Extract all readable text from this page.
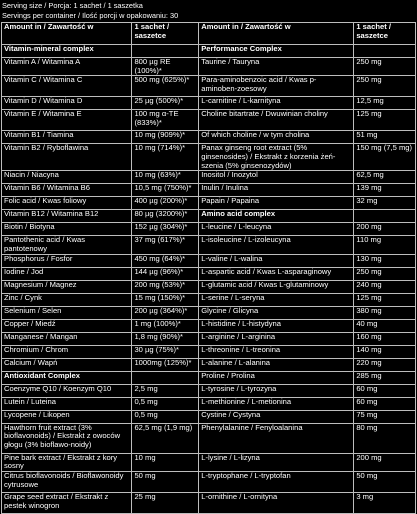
Serving size / Porcja: 1 sachet / 1 saszetka
Servings per container / Ilość porcji w opakowaniu: 30
Amount in / Zawartość w	1 sachet / saszetce	Amount in / Zawartość w	1 sachet / saszetce
Vitamin-mineral complex		Performance Complex	
Vitamin A / Witamina A	800 µg RE (100%)*	Taurine / Tauryna	250 mg
Vitamin C / Witamina C	500 mg (625%)*	Para-aminobenzoic acid / Kwas p-aminoben-zoesowy	250 mg
Vitamin D / Witamina D	25 µg (500%)*	L-carnitine / L-karnityna	12,5 mg
Vitamin E / Witamina E	100 mg α-TE (833%)*	Choline bitartrate / Dwuwinian choliny	125 mg
Vitamin B1 / Tiamina	10 mg (909%)*	Of which choline / w tym cholina	51 mg
Vitamin B2 / Ryboflawina	10 mg (714%)*	Panax ginseng root extract (5% ginsenosides) / Ekstrakt z korzenia żeń-szenia (5% ginsenozydów)	150 mg (7,5 mg)
Niacin / Niacyna	10 mg (63%)*	Inositol / Inozytol	62,5 mg
Vitamin B6 / Witamina B6	10,5 mg (750%)*	Inulin / Inulina	139 mg
Folic acid / Kwas foliowy	400 µg (200%)*	Papain / Papaina	32 mg
Vitamin B12 / Witamina B12	80 µg (3200%)*	Amino acid complex	
Biotin / Biotyna	152 µg (304%)*	L-leucine / L-leucyna	200 mg
Pantothenic acid / Kwas pantotenowy	37 mg (617%)*	L-isoleucine / L-izoleucyna	110 mg
Phosphorus / Fosfor	450 mg (64%)*	L-valine / L-walina	130 mg
Iodine / Jod	144 µg (96%)*	L-aspartic acid / Kwas L-asparaginowy	250 mg
Magnesium / Magnez	200 mg (53%)*	L-glutamic acid / Kwas L-glutaminowy	240 mg
Zinc / Cynk	15 mg (150%)*	L-serine / L-seryna	125 mg
Selenium / Selen	200 µg (364%)*	Glycine / Glicyna	380 mg
Copper / Miedź	1 mg (100%)*	L-histidine / L-histydyna	40 mg
Manganese / Mangan	1,8 mg (90%)*	L-arginine / L-arginina	160 mg
Chromium / Chrom	30 µg (75%)*	L-threonine / L-treonina	140 mg
Calcium / Wapń	1000mg (125%)*	L-alanine / L-alanina	220 mg
Antioxidant Complex		Proline / Prolina	285 mg
Coenzyme Q10 / Koenzym Q10	2,5 mg	L-tyrosine / L-tyrozyna	60 mg
Lutein / Luteina	0,5 mg	L-methionine / L-metionina	60 mg
Lycopene / Likopen	0,5 mg	Cystine / Cystyna	75 mg
Hawthorn fruit extract (3% bioflavonoids) / Ekstrakt z owoców głogu (3% bioflawo-noidy)	62,5 mg (1,9 mg)	Phenylalanine / Fenyloalanina	80 mg
Pine bark extract / Ekstrakt z kory sosny	10 mg	L-lysine / L-lizyna	200 mg
Citrus bioflavonoids / Bioflawonoidy cytrusowe	50 mg	L-tryptophane / L-tryptofan	50 mg
Grape seed extract / Ekstrakt z pestek winogron	25 mg	L-ornithine / L-ornityna	3 mg
